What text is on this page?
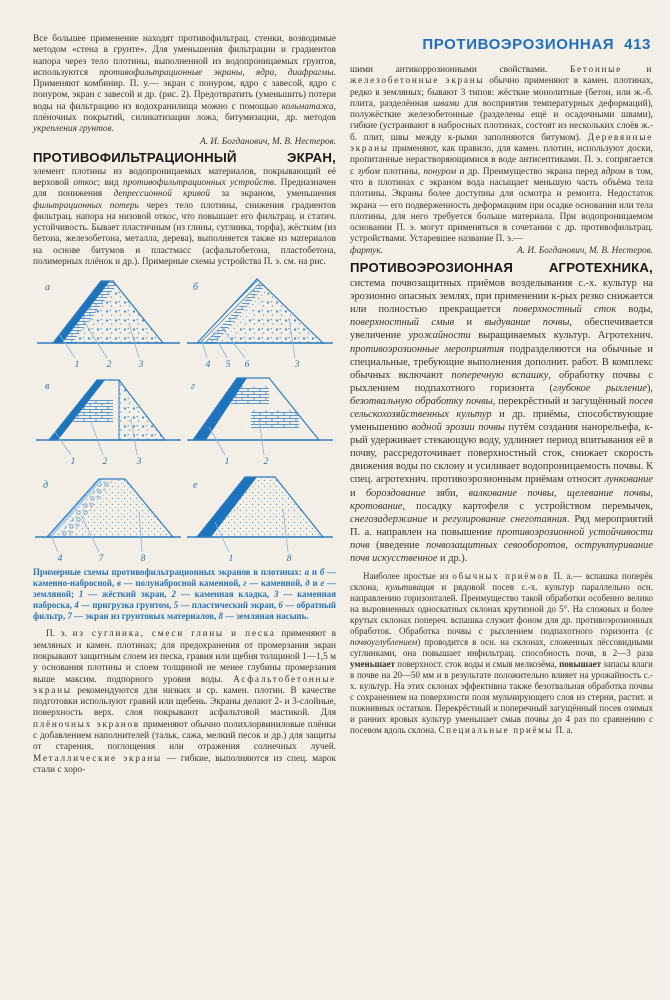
Все большее применение находят противофильтрац. стенки, возводимые методом «стена в грунте». Для уменьшения фильтрации и градиентов напора через тело плотины, выполненной из водопроницаемых грунтов, используются противофильтрационные экраны, ядра, диафрагмы. Применяют комбинир. П. у.— экран с понуром, ядро с завесой, ядро с понуром, экран с завесой и др. (рис. 2). Предотвратить (уменьшить) потери воды на фильтрацию из водохранилища можно с помощью кольматажа, плёночных покрытий, силикатизации ложа, битумизации, др. методов укрепления грунтов.

А. И. Богданович, М. В. Нестеров.
ПРОТИВОФИЛЬТРАЦИОННЫЙ	ЭКРАН,

элемент плотины из водопроницаемых материалов, покрывающий её верховой откос; вид противофильтрационных устройств. Предназначен для понижения депрессионной кривой за экраном, уменьшения фильтрационных потерь через тело плотины, снижения градиентов фильтрац. напора на низовой откос, что повышает его фильтрац. и статич. устойчивость. Бывает пластичным (из глины, суглинка, торфа), жёстким (из бетона, железобетона, металла, дерева), выполняется также из материалов на основе битумов и пластмасс (асфальтобетона, пластобетона, полимерных плёнок и др.). Примерные схемы устройства П. э. см. на рис.

а
1	2	3
б
4 5 6	3
в
1	2	3
г
1	2
д
4	7	8
е
1	8

Примерные схемы противофильтрационных экранов в плотинах: а и б — каменно-набросной, в — полунабросной каменной, г — каменной, д и е — земляной; 1 — жёсткий экран, 2 — каменная кладка, 3 — каменная наброска, 4 — пригрузка грунтом, 5 — пластический экран, 6 — обратный фильтр, 7 — экран из грунтовых материалов, 8 — земляная насыпь.

П. э. из суглинка, смеси глины и песка применяют в земляных и камен. плотинах; для предохранения от промерзания экран покрывают защитным слоем из песка, гравия или щебня толщиной 1—1,5 м у основания плотины и слоем толщиной не менее глубины промерзания выше максим. подпорного уровня воды. Асфальтобетонные экраны рекомендуются для низких и ср. камен. плотин. В качестве подготовки используют гравий или щебень. Экраны делают 2- и 3-слойные, поверхность верх. слоя покрывают асфальтовой мастикой. Для плёночных экранов применяют обычно полихлорвиниловые плёнки с добавлением наполнителей (тальк, сажа, мелкий песок и др.) для защиты от старения, поглощения или отражения солнечных лучей. Металлические экраны — гибкие, выполняются из спец. марок стали с хоро-

ПРОТИВОЭРОЗИОННАЯ 413

шими антикоррозионными свойствами. Бетонные и железобетонные экраны обычно применяют в камен. плотинах, редко в земляных; бывают 3 типов: жёсткие монолитные (бетон, или ж.-б. плита, разделённая швами для восприятия температурных деформаций), полужёсткие железобетонные (разделены ещё и осадочными швами), гибкие (устраивают в набросных плотинах, состоят из нескольких слоёв ж.-б. плит, швы между к-рыми заполняются битумом). Деревянные экраны применяют, как правило, для камен. плотин, используют доски, пропитанные нерастворяющимися в воде антисептиками. П. э. сопрягается с зубом плотины, понуром и др. Преимущество экрана перед ядром в том, что в плотинах с экраном вода насыщает меньшую часть объёма тела плотины. Экраны более доступны для осмотра и ремонта. Недостаток экрана — его подверженность деформациям при осадке основания или тела плотины, для него требуется больше материала. При водопроницаемом основании П. э. могут применяться в сочетании с др. противофильтрац. устройствами. Устаревшее название П. э.—

фартук.	А. И. Богданович, М. В. Нестеров.
ПРОТИВОЭРОЗИОННАЯ	АГРОТЕХНИКА,

система почвозащитных приёмов возделывания с.-х. культур на эрозионно опасных землях, при применении к-рых резко снижается или полностью прекращается поверхностный сток воды, поверхностный смыв и выдувание почвы, обеспечивается увеличение урожайности выращиваемых культур. Агротехнич. противоэрозионные мероприятия подразделяются на обычные и специальные, требующие выполнения дополнит. работ. В комплекс обычных включают поперечную вспашку, обработку почвы с рыхлением подпахотного горизонта (глубокое рыхление), безотвальную обработку почвы, перекрёстный и загущённый посев сельскохозяйственных культур и др. приёмы, способствующие уменьшению водной эрозии почвы путём создания нанорельефа, к-рый удерживает стекающую воду, удлиняет период впитывания её в почву, рассредоточивает поверхностный сток, снижает скорость движения воды по склону и усиливает водопроницаемость почвы. К спец. агротехнич. противоэрозионным приёмам относят лункование и бороздование зяби, валкование почвы, щелевание почвы, кротование, посадку картофеля с устройством перемычек, снегозадержание и регулирование снеготаяния. Ряд мероприятий П. а. направлен на повышение противоэрозионной устойчивости почв (введение почвозащитных севооборотов, оструктуривание почв искусственное и др.).

Наиболее простые из обычных приёмов П. а.— вспашка поперёк склона, культивация и рядовой посев с.-х. культур параллельно осн. направлению горизонталей. Преимущество такой обработки особенно велико на выровненных односкатных склонах крутизной до 5°. На сложных и более крутых склонах попереч. вспашка служит фоном для др. противоэрозионных обработок. Обработка почвы с рыхлением подпахотного горизонта (с почвоуглублением) проводится в осн. на склонах, сложенных лёссовидными суглинками, она повышает инфильтрац. способность почв, в 2—3 раза уменьшает поверхност. сток воды и смыв мелкозёма, повышает запасы влаги в почве на 20—50 мм и в результате положительно влияет на урожайность с.-х. культур. На этих склонах эффективна также безотвальная обработка почвы с сохранением на поверхности поля мульчирующего слоя из стерни, растит. и пожнивных остатков. Перекрёстный и поперечный загущённый посев озимых и ранних яровых культур уменьшает смыв почвы до 4 раз по сравнению с посевом вдоль склона. Специальные приёмы П. а.
